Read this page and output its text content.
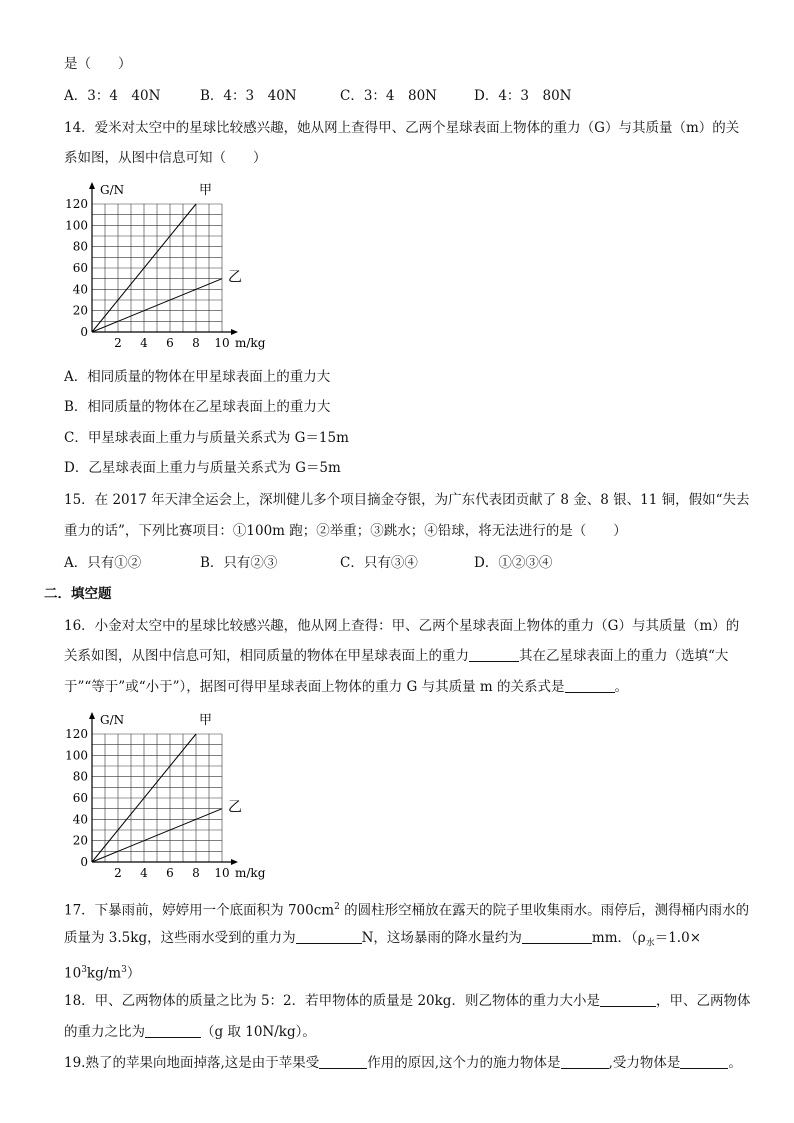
是（　　）
A．3：4　40N	B．4：3　40N	C．3：4　80N	D．4：3　80N
14．爱米对太空中的星球比较感兴趣，她从网上查得甲、乙两个星球表面上物体的重力（G）与其质量（m）的关
系如图，从图中信息可知（　　）
0
20
40
60
80
100
120
2 4 6 8 10
G/N
m/kg
甲
乙
A．相同质量的物体在甲星球表面上的重力大
B．相同质量的物体在乙星球表面上的重力大
C．甲星球表面上重力与质量关系式为 G＝15m
D．乙星球表面上重力与质量关系式为 G＝5m
15．在 2017 年天津全运会上，深圳健儿多个项目摘金夺银，为广东代表团贡献了 8 金、8 银、11 铜，假如“失去
重力的话”，下列比赛项目：①100m 跑；②举重；③跳水；④铅球，将无法进行的是（　　）
A．只有①②	B．只有②③	C．只有③④	D．①②③④
二．填空题
16．小金对太空中的星球比较感兴趣，他从网上查得：甲、乙两个星球表面上物体的重力（G）与其质量（m）的
关系如图，从图中信息可知，相同质量的物体在甲星球表面上的重力	其在乙星球表面上的重力（选填“大
于”“等于”或“小于”），据图可得甲星球表面上物体的重力 G 与其质量 m 的关系式是	。
0
20
40
60
80
100
120
2 4 6 8 10
G/N
m/kg
甲
乙
17．下暴雨前，婷婷用一个底面积为 $700cm^2$ 的圆柱形空桶放在露天的院子里收集雨水。雨停后，测得桶内雨水的
质量为 3.5kg，这些雨水受到的重力为	N，这场暴雨的降水量约为	mm．（$\rho_水=1.0\times$
$10^3kg/m^3$）
18．甲、乙两物体的质量之比为 5：2．若甲物体的质量是 20kg．则乙物体的重力大小是	，甲、乙两物体
的重力之比为	（g 取 10N/kg）。
19.熟了的苹果向地面掉落,这是由于苹果受	作用的原因,这个力的施力物体是	,受力物体是	。
